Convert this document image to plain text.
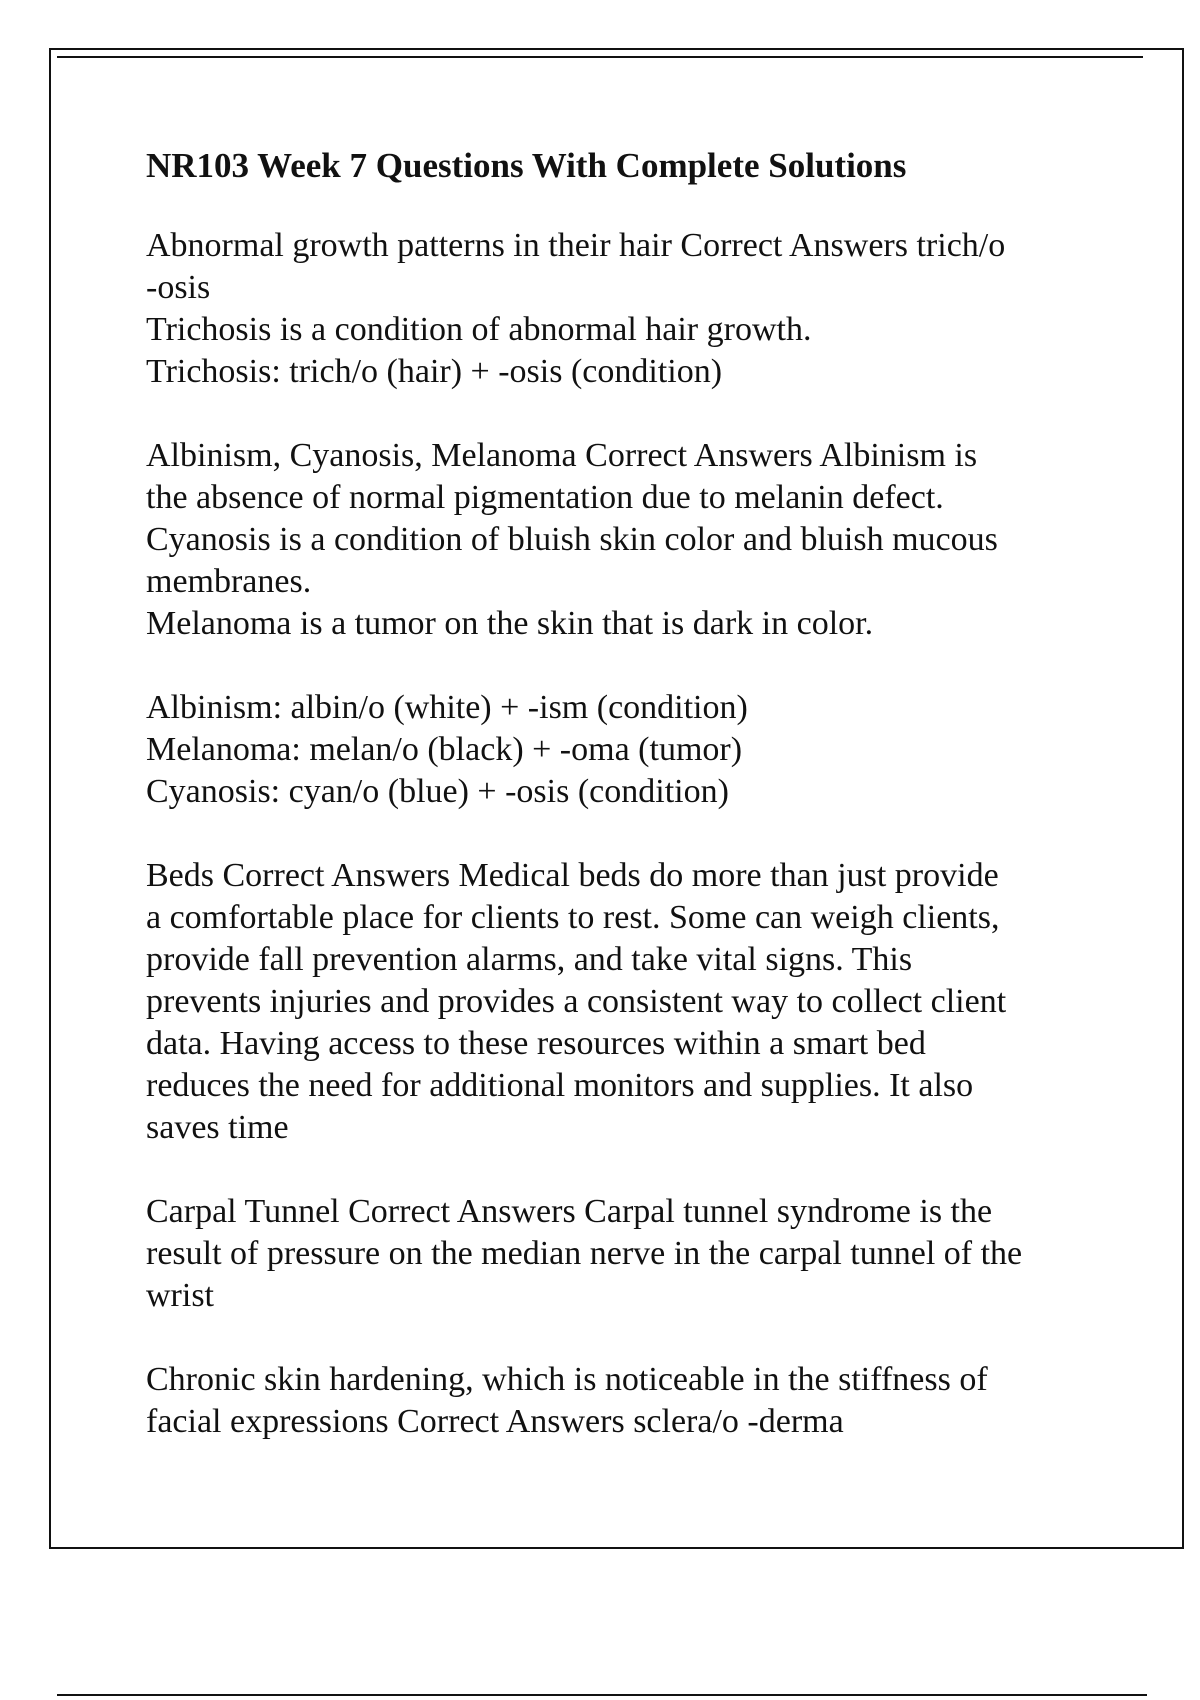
NR103 Week 7 Questions With Complete Solutions

Abnormal growth patterns in their hair Correct Answers trich/o

-osis

Trichosis is a condition of abnormal hair growth.

Trichosis: trich/o (hair) + -osis (condition)

Albinism, Cyanosis, Melanoma Correct Answers Albinism is

the absence of normal pigmentation due to melanin defect.

Cyanosis is a condition of bluish skin color and bluish mucous

membranes.

Melanoma is a tumor on the skin that is dark in color.

Albinism: albin/o (white) + -ism (condition)

Melanoma: melan/o (black) + -oma (tumor)

Cyanosis: cyan/o (blue) + -osis (condition)

Beds Correct Answers Medical beds do more than just provide

a comfortable place for clients to rest. Some can weigh clients,

provide fall prevention alarms, and take vital signs. This

prevents injuries and provides a consistent way to collect client

data. Having access to these resources within a smart bed

reduces the need for additional monitors and supplies. It also

saves time

Carpal Tunnel Correct Answers Carpal tunnel syndrome is the

result of pressure on the median nerve in the carpal tunnel of the

wrist

Chronic skin hardening, which is noticeable in the stiffness of

facial expressions Correct Answers sclera/o -derma
